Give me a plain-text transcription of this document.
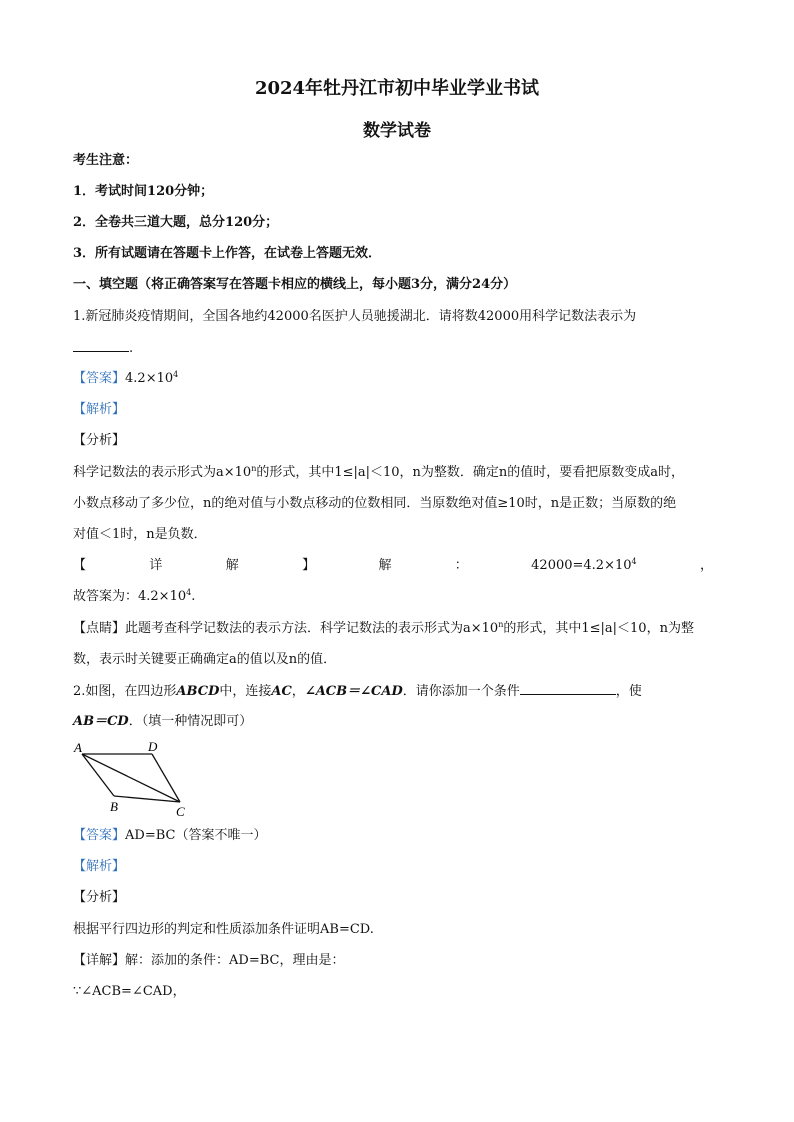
2024年牡丹江市初中毕业学业书试
数学试卷
考生注意：
1．考试时间120分钟；
2．全卷共三道大题，总分120分；
3．所有试题请在答题卡上作答，在试卷上答题无效．
一、填空题（将正确答案写在答题卡相应的横线上，每小题3分，满分24分）
1.新冠肺炎疫情期间，全国各地约42000名医护人员驰援湖北．请将数42000用科学记数法表示为
.
【答案】$4.2\times 10^4$
【解析】
【分析】
科学记数法的表示形式为$a\times 10^n$的形式，其中1≤|a|＜10，n为整数．确定n的值时，要看把原数变成a时，
小数点移动了多少位，n的绝对值与小数点移动的位数相同．当原数绝对值≥10时，n是正数；当原数的绝
对值＜1时，n是负数．
【	详	解	】	解	：	$42000=4.2\times 10^4$	，
故答案为：$4.2\times 10^4$.
【点睛】此题考查科学记数法的表示方法．科学记数法的表示形式为$a\times 10^n$的形式，其中1≤|a|＜10，n为整
数，表示时关键要正确确定a的值以及n的值．
2.如图，在四边形ABCD中，连接AC，∠ACB＝∠CAD．请你添加一个条件	，使
AB＝CD．（填一种情况即可）
A	D
B	C
【答案】AD=BC（答案不唯一）
【解析】
【分析】
根据平行四边形的判定和性质添加条件证明AB=CD.
【详解】解：添加的条件：AD=BC，理由是：
∵∠ACB=∠CAD，
